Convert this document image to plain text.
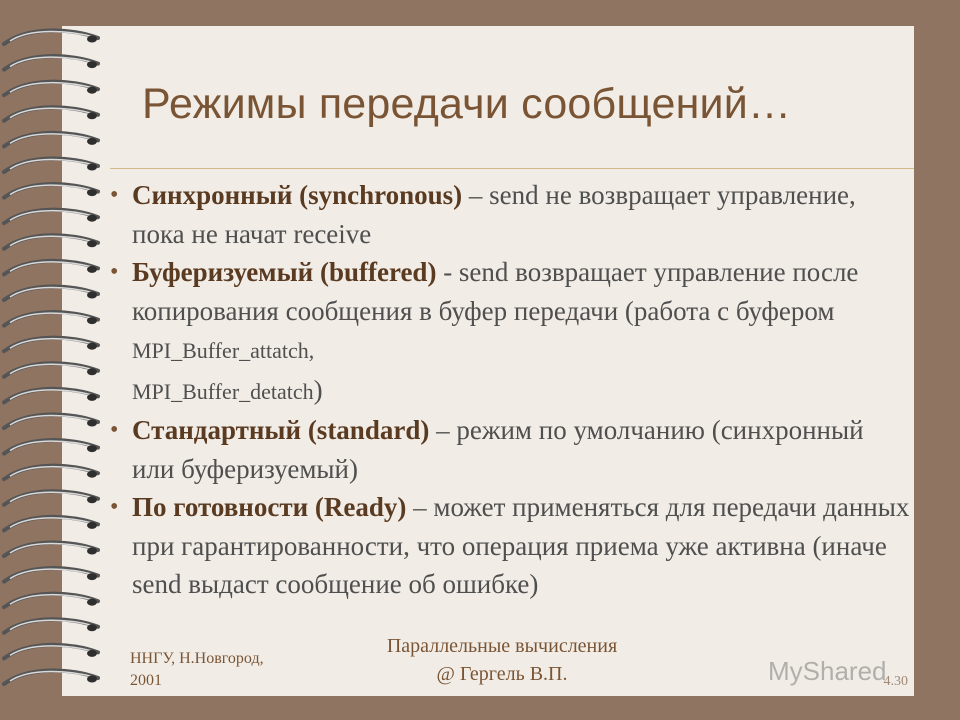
Режимы передачи сообщений…
• Синхронный (synchronous) – send не возвращает управление, пока не начат receive
• Буферизуемый (buffered) - send возвращает управление после копирования сообщения в буфер передачи (работа с буфером MPI_Buffer_attatch,
MPI_Buffer_detatch)
• Стандартный (standard) – режим по умолчанию (синхронный или буферизуемый)
• По готовности (Ready) – может применяться для передачи данных при гарантированности, что операция приема уже активна (иначе send выдаст сообщение об ошибке)
ННГУ, Н.Новгород,
2001
Параллельные вычисления
@ Гергель В.П.	4.30
MyShared
